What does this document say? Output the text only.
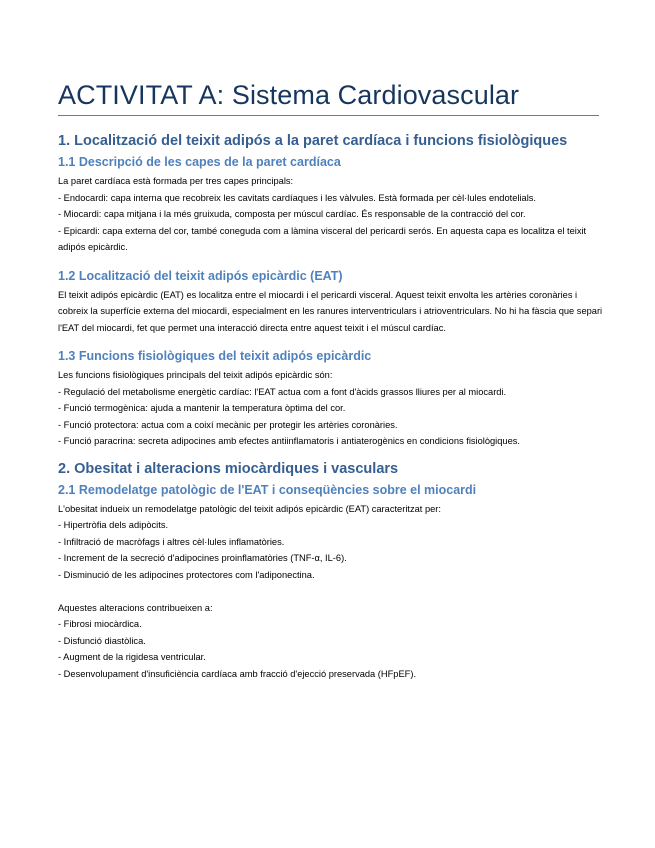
ACTIVITAT A: Sistema Cardiovascular
1. Localització del teixit adipós a la paret cardíaca i funcions fisiològiques
1.1 Descripció de les capes de la paret cardíaca

La paret cardíaca està formada per tres capes principals:

- Endocardi: capa interna que recobreix les cavitats cardíaques i les vàlvules. Està formada per cèl·lules endotelials.

- Miocardi: capa mitjana i la més gruixuda, composta per múscul cardíac. És responsable de la contracció del cor.

- Epicardi: capa externa del cor, també coneguda com a làmina visceral del pericardi serós. En aquesta capa es localitza el teixit adipós epicàrdic.

1.2 Localització del teixit adipós epicàrdic (EAT)

El teixit adipós epicàrdic (EAT) es localitza entre el miocardi i el pericardi visceral. Aquest teixit envolta les artèries coronàries i cobreix la superfície externa del miocardi, especialment en les ranures interventriculars i atrioventriculars. No hi ha fàscia que separi l'EAT del miocardi, fet que permet una interacció directa entre aquest teixit i el múscul cardíac.

1.3 Funcions fisiològiques del teixit adipós epicàrdic

Les funcions fisiològiques principals del teixit adipós epicàrdic són:

- Regulació del metabolisme energètic cardíac: l'EAT actua com a font d'àcids grassos lliures per al miocardi.

- Funció termogènica: ajuda a mantenir la temperatura òptima del cor.

- Funció protectora: actua com a coixí mecànic per protegir les artèries coronàries.

- Funció paracrina: secreta adipocines amb efectes antiinflamatoris i antiaterogènics en condicions fisiològiques.

2. Obesitat i alteracions miocàrdiques i vasculars
2.1 Remodelatge patològic de l'EAT i conseqüències sobre el miocardi

L'obesitat indueix un remodelatge patològic del teixit adipós epicàrdic (EAT) caracteritzat per:

- Hipertròfia dels adipòcits.

- Infiltració de macròfags i altres cèl·lules inflamatòries.

- Increment de la secreció d'adipocines proinflamatòries (TNF-α, IL-6).

- Disminució de les adipocines protectores com l'adiponectina.

Aquestes alteracions contribueixen a:

- Fibrosi miocàrdica.

- Disfunció diastòlica.

- Augment de la rigidesa ventricular.

- Desenvolupament d'insuficiència cardíaca amb fracció d'ejecció preservada (HFpEF).
